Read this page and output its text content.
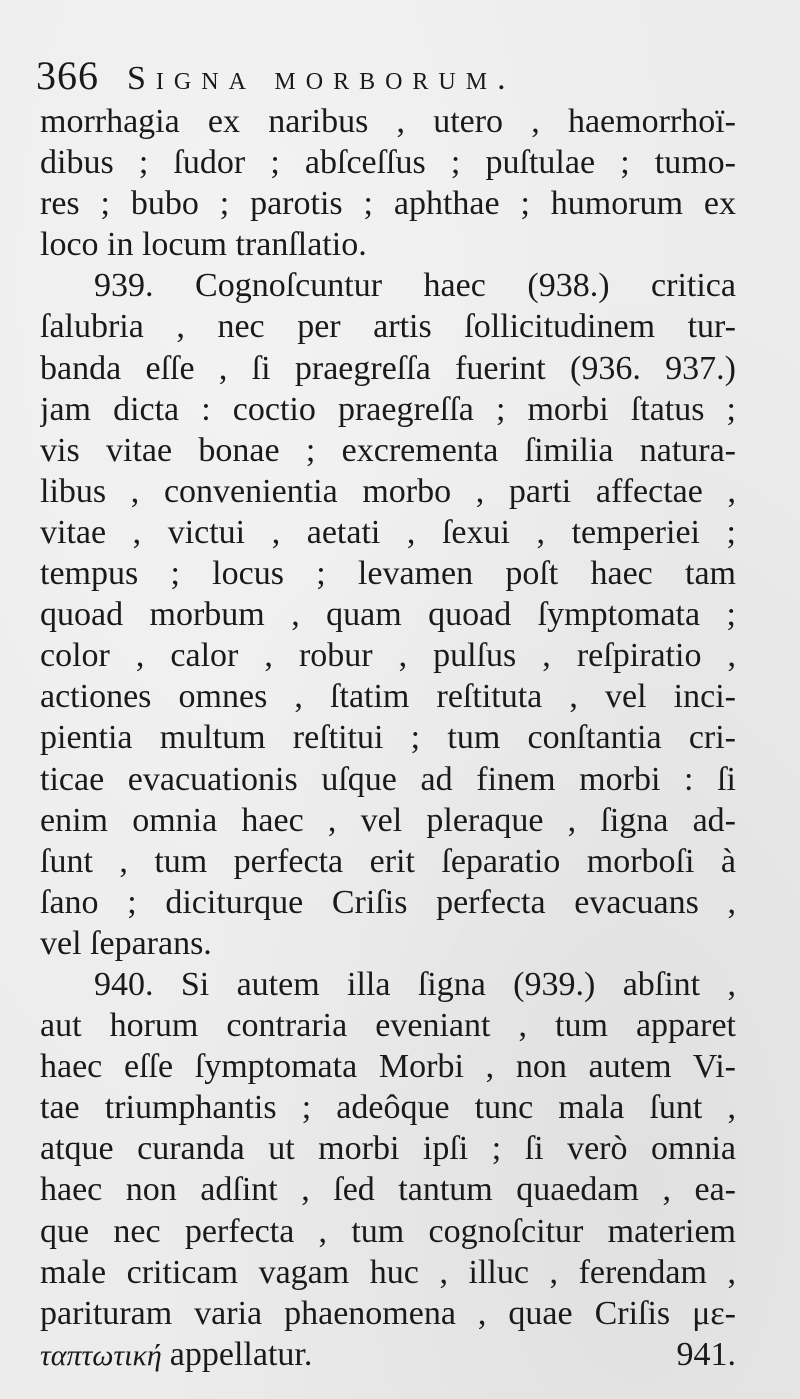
366 Signa morborum.
morrhagia ex naribus , utero , haemorrhoï-
dibus ; ſudor ; abſceſſus ; puſtulae ; tumo-
res ; bubo ; parotis ; aphthae ; humorum ex
loco in locum tranſlatio.
939. Cognoſcuntur haec (938.) critica
ſalubria , nec per artis ſollicitudinem tur-
banda eſſe , ſi praegreſſa fuerint (936. 937.)
jam dicta : coctio praegreſſa ; morbi ſtatus ;
vis vitae bonae ; excrementa ſimilia natura-
libus , convenientia morbo , parti affectae ,
vitae , victui , aetati , ſexui , temperiei ;
tempus ; locus ; levamen poſt haec tam
quoad morbum , quam quoad ſymptomata ;
color , calor , robur , pulſus , reſpiratio ,
actiones omnes , ſtatim reſtituta , vel inci-
pientia multum reſtitui ; tum conſtantia cri-
ticae evacuationis uſque ad finem morbi : ſi
enim omnia haec , vel pleraque , ſigna ad-
ſunt , tum perfecta erit ſeparatio morboſi à
ſano ; diciturque Criſis perfecta evacuans ,
vel ſeparans.
940. Si autem illa ſigna (939.) abſint ,
aut horum contraria eveniant , tum apparet
haec eſſe ſymptomata Morbi , non autem Vi-
tae triumphantis ; adeôque tunc mala ſunt ,
atque curanda ut morbi ipſi ; ſi verò omnia
haec non adſint , ſed tantum quaedam , ea-
que nec perfecta , tum cognoſcitur materiem
male criticam vagam huc , illuc , ferendam ,
parituram varia phaenomena , quae Criſis με-
ταπτωτική appellatur.	941.
